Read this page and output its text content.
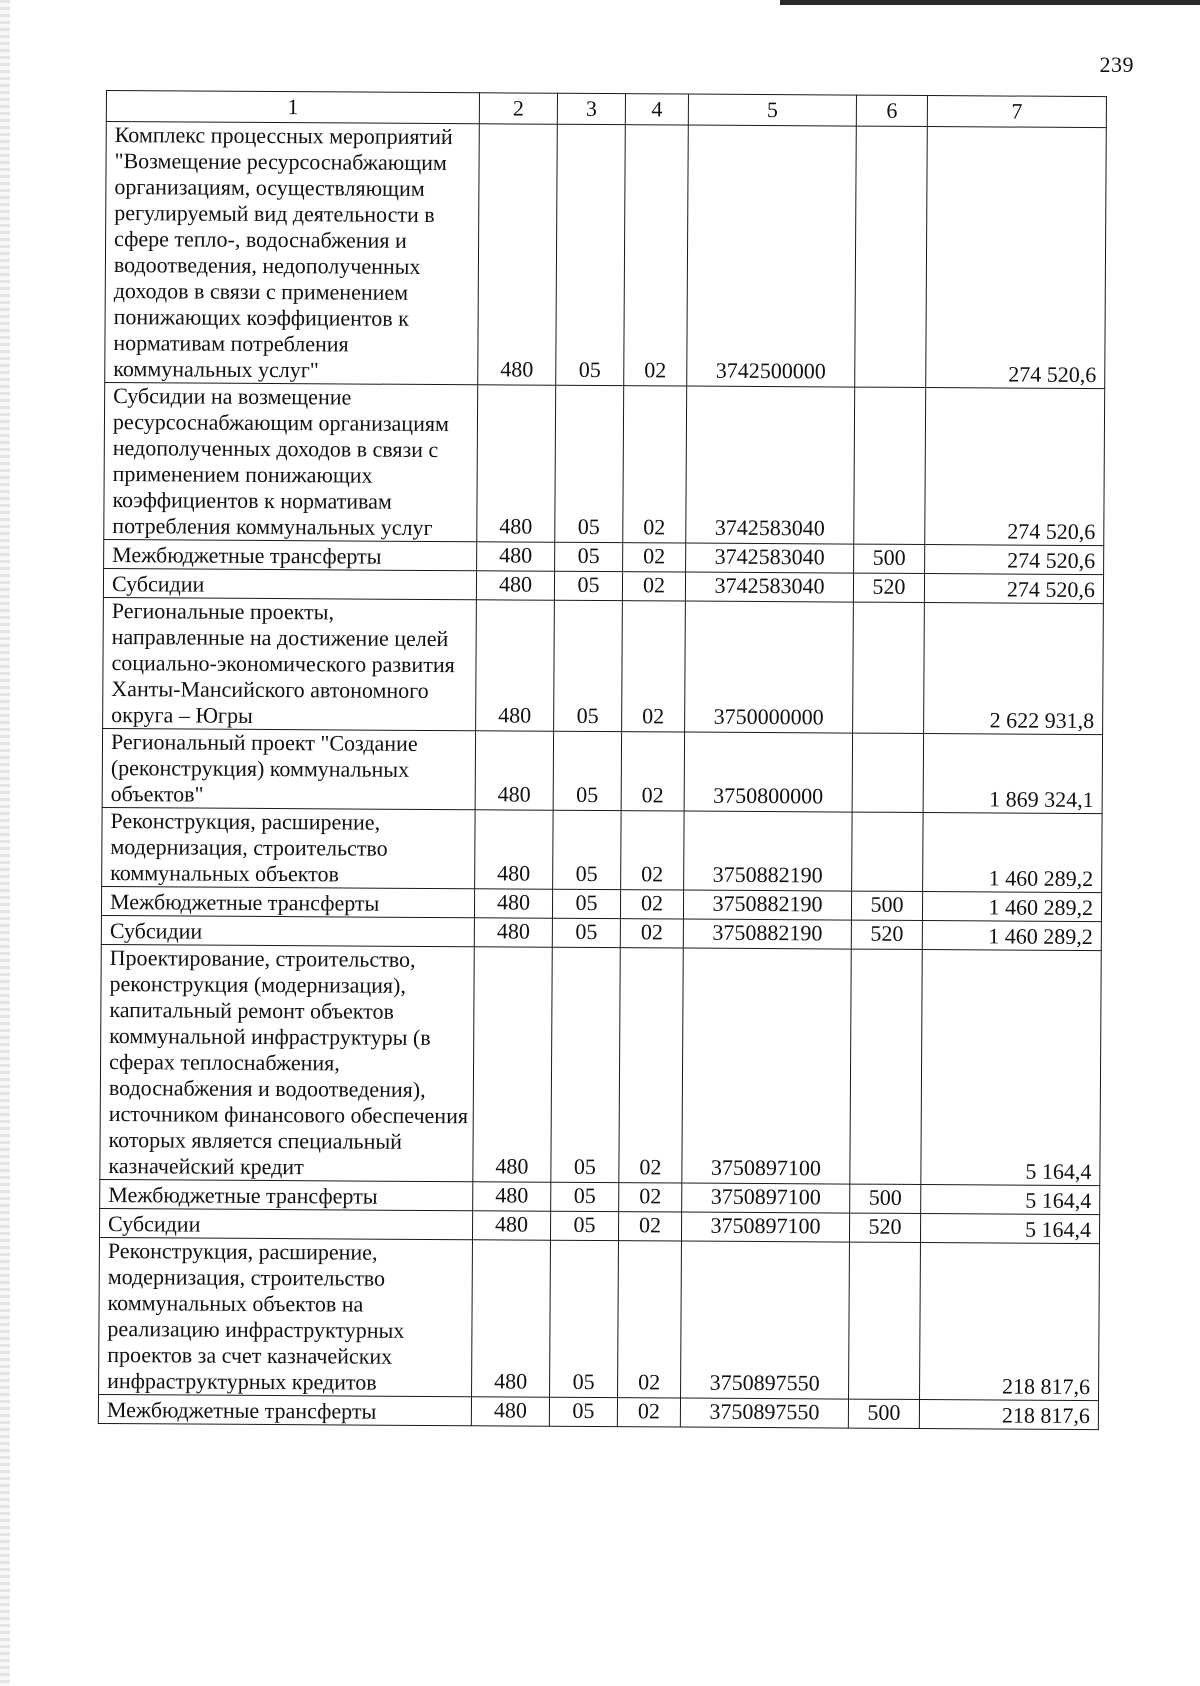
239
1	2	3	4	5	6	7
Комплекс процессных мероприятий "Возмещение ресурсоснабжающим организациям, осуществляющим регулируемый вид деятельности в сфере тепло-, водоснабжения и водоотведения, недополученных доходов в связи с применением понижающих коэффициентов к нормативам потребления коммунальных услуг"	480	05	02	3742500000		274 520,6
Субсидии на возмещение ресурсоснабжающим организациям недополученных доходов в связи с применением понижающих коэффициентов к нормативам потребления коммунальных услуг	480	05	02	3742583040		274 520,6
Межбюджетные трансферты	480	05	02	3742583040	500	274 520,6
Субсидии	480	05	02	3742583040	520	274 520,6
Региональные проекты, направленные на достижение целей социально-экономического развития Ханты-Мансийского автономного округа – Югры	480	05	02	3750000000		2 622 931,8
Региональный проект "Создание (реконструкция) коммунальных объектов"	480	05	02	3750800000		1 869 324,1
Реконструкция, расширение, модернизация, строительство коммунальных объектов	480	05	02	3750882190		1 460 289,2
Межбюджетные трансферты	480	05	02	3750882190	500	1 460 289,2
Субсидии	480	05	02	3750882190	520	1 460 289,2
Проектирование, строительство, реконструкция (модернизация), капитальный ремонт объектов коммунальной инфраструктуры (в сферах теплоснабжения, водоснабжения и водоотведения), источником финансового обеспечения которых является специальный казначейский кредит	480	05	02	3750897100		5 164,4
Межбюджетные трансферты	480	05	02	3750897100	500	5 164,4
Субсидии	480	05	02	3750897100	520	5 164,4
Реконструкция, расширение, модернизация, строительство коммунальных объектов на реализацию инфраструктурных проектов за счет казначейских инфраструктурных кредитов	480	05	02	3750897550		218 817,6
Межбюджетные трансферты	480	05	02	3750897550	500	218 817,6
